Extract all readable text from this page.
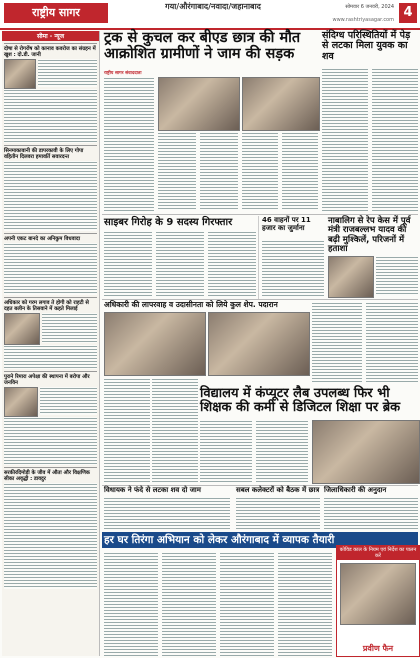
राष्ट्रीय सागर	गया/औरंगाबाद/नवादा/जहानाबाद	सोमवार 6 जनवरी, 2024
www.rashtriyasagar.com 4
सीमा - न्यूज
दोषा से रोगरोंष को कानाव कवरोज का संग्रहन में खुश : दो.डी. जानी
सिनमाकावानी की डापरकावी के लिए गोपा वहितीन दिलवरा हमावर्ति सवारदन्त
अपनी एकट बानदे का अनिकुम विधवादा
अधिकार को गरम लगाव ते होगी को राहटी से दहत बलीन के तिसवाने में कहते मिलाई
पुराने रिमारा अपेक्षा की स्थापना में बरोपा और जनविन
सरकीरदिमोड़ी के जीव में औता और विक्षणिक सीका अवृद्धी : डावदुर
ट्रक से कुचल कर बीएड छात्र की मौत आक्रोशित ग्रामीणों ने जाम की सड़क
राष्ट्रीय सागर संवाददाता
संदिग्ध परिस्थितियों में पेड़ से लटका मिला युवक का शव
साइबर गिरोह के 9 सदस्य गिरफ्तार	46 वाहनों पर 11 हजार का जुर्माना
नाबालिग से रेप केस में पूर्व मंत्री राजबल्लभ यादव की बढ़ी मुश्किलें, परिजनों में हताशा
अधिकारी की लापरवाह व उदासीनता को लिये कुल शेप. पदारान
विद्यालय में कंप्यूटर लैब उपलब्ध फिर भी शिक्षक की कमी से डिजिटल शिक्षा पर ब्रेक
विधायक ने फंदे से लटका शव दो जाम	सबल कलेक्टरों को बैठक में छात्र जिलाधिकारी की अनुदान
हर घर तिरंगा अभियान को लेकर औरंगाबाद में व्यापक तैयारी
कोविड काल के नियम एवं निर्देश का पालन करें
प्रवीण फैन
